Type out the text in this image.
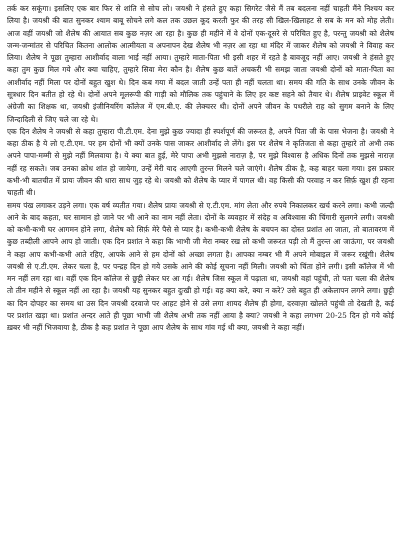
तर्क कर सकूंगा। इसलिए एक बार फिर से शांति से सोच लो। जयश्री ने हंसते हुए कहा सिगरेट जैसे मैं तब बदलना नहीं चाहती मैंने निश्चय कर लिया है। जयश्री की बात सुनकर श्याम बाबू सोचने लगे कल तक उछल कूद करती फुर की तरह सी खिल-खिलाहट से सब के मन को मोह लेती। आज वहीं जयश्री जो शैलेष की आयात सब कुछ नज़र आ रहा है। कुछ ही महीने में वे दोनों एक-दूसरे से परिचित हुए है, परन्तु जयश्री को शैलेष जन्म-जन्मांतर से परिचित कितना आलोक आत्मीयता व अपनापन देख शैलेष भी नज़र आ रहा था मंदिर में जाकर शैलेष को जयश्री ने विवाह कर लिया। शैलेष ने पूछा तुम्हारा आशीर्वाद वाला भाई नहीं आया। तुम्हारे माता-पिता भी इसी शहर में रहते है बावजूद नहीं आए। जयश्री ने हंसते हुए कहा तुम कुछ मिल गये और क्या चाहिए, तुम्हारे सिवा मेरा कौन है। शैलेष कुछ बातें अचकरी भी समझ जाता जयश्री दोनों को माता-पिता का आशीर्वाद नहीं मिला पर दोनों बहुत खुश थे। दिन कब गया में बदल जाती उन्हें पता ही नहीं चलता था। समय की गति के साथ उनके जीवन के सूत्रधार दिन बतीत हो रहे थे। दोनों अपने मूलरूपी की गाड़ी को मौलिक तक पहुंचाने के लिए हर कष्ट सहने को तैयार थे। शैलेष प्राइवेट स्कूल में अंग्रेजी का शिक्षक था, जयश्री इंजीनियरिंग कॉलेज में एम.बी.ए. की लेक्चरर थी। दोनों अपने जीवन के पथरीले राह को सुगम बनाने के लिए जिन्दादिली से जिए चले जा रहे थे।

एक दिन शैलेष ने जयश्री से कहा तुम्हारा पी.टी.एम. देना मुझे कुछ ज्यादा ही स्पर्शपूर्ण की जरूरत है, अपने पिता जी के पास भेजना है। जयश्री ने कहा ठीक है ये लो ए.टी.एम. पर हम दोनों भी क्यों उनके पास जाकर आशीर्वाद ले लेंगे। इस पर शैलेष ने कृतिजता से कहा तुम्हारे तो अभी तक अपने पापा-मम्मी से मुझे नहीं मिलवाया है। ये क्या बात हुई, मेरे पापा अभी मुझसे नाराज़ है, पर मुझे विश्वास है अधिक दिनों तक मुझसे नाराज़ नहीं रह सकते। जब उनका क्रोध शांत हो जायेगा, उन्हें मेरी याद आएगी तुरन्त मिलने चले जाएंगे। शैलेष ठीक है, कह बाहर चला गया। इस प्रकार कभी-भी बातचीत में प्रायः जीवन की धारा साथ जुड़ रहे थे। जयश्री को शैलेष के प्यार में पागल थी। वह किसी की परवाह न कर सिर्फ़ खुश ही रहना चाहती थी।

समय पंख लगाकर उड़ने लगा। एक वर्ष व्यतीत गया। शैलेष प्रायः जयश्री से ए.टी.एम. मांग लेता और रुपये निकालकर खर्च करने लगा। कभी जल्दी आने के बाद कहता, घर सामान हो जाने पर भी आने का नाम नहीं लेता। दोनों के व्यवहार में संदेह व अविश्वास की चिंगारी सुलगने लगी। जयश्री को कभी-कभी घर आगमन होने लगा, शैलेष को सिर्फ़ मेरे पैसे से प्यार है। कभी-कभी शैलेष के बचपन का दोस्त प्रशांत आ जाता, तो बातावरण में कुछ तब्दीली आपने आप हो जाती। एक दिन प्रशांत ने कहा कि भाभी जी मेरा नम्बर रख लो कभी जरूरत पड़ी तो मैं तुरन्त आ जाऊंगा, पर जयश्री ने कहा आप कभी-कभी आते रहिए, आपके आने से हम दोनों को अच्छा लगता है। आपका नम्बर भी मैं अपने मोबाइल में जरूर रखूंगी। शैलेष जयश्री से ए.टी.एम. लेकर चला है, पर पन्द्रह दिन हो गये उसके आने की कोई सूचना नहीं मिली। जयश्री को चिंता होने लगी। इसी कॉलेज में भी मन नहीं लग रहा था। वहीं एक दिन कॉलेज से छुट्टी लेकर घर आ गई। शैलेष जिस स्कूल में पढ़ाता था, जयश्री वहां पहुंची, तो पता चला की शैलेष तो तीन महीने से स्कूल नहीं आ रहा है। जयश्री यह सुनकर बहुत दुःखी हो गई। वह क्या करे, क्या न करे? उसे बहुत ही अकेलापन लगने लगा। छुट्टी का दिन दोपहर का समय था उस दिन जयश्री दरवाजे पर आहट होने से उसे लगा शायद शैलेष ही होगा, दरवाज़ा खोलते पहुंची तो देखती है, कई पर प्रशांत खड़ा था। प्रशांत अन्दर आते ही पूछा भाभी जी शैलेष अभी तक नहीं आया है क्या? जयश्री ने कहा लगभग 20-25 दिन हो गये कोई ख़बर भी नहीं भिजवाया है, ठीक है कह प्रशांत ने पूछा आप शैलेष के साथ गांव गई थी क्या, जयश्री ने कहा नहीं।
